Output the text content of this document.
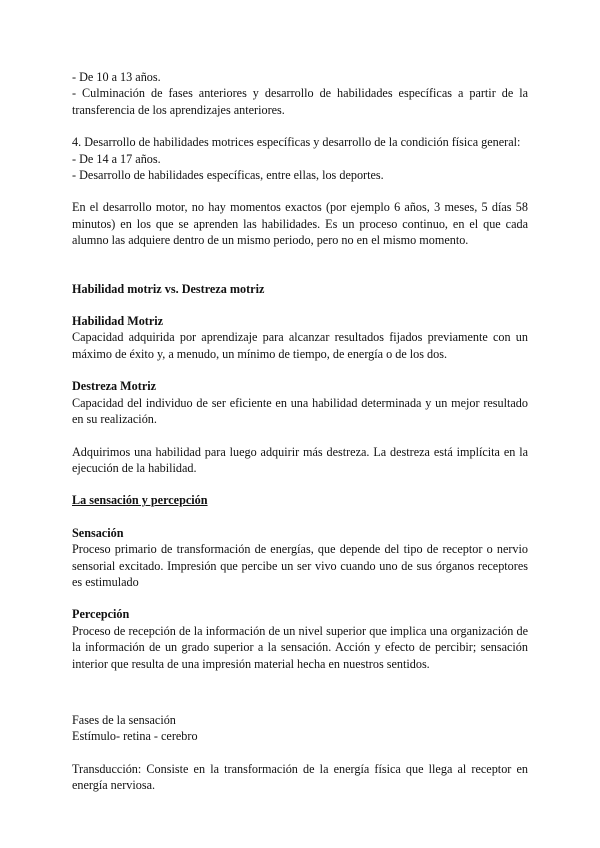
- De 10 a 13 años.

- Culminación de fases anteriores y desarrollo de habilidades específicas a partir de la transferencia de los aprendizajes anteriores.

4. Desarrollo de habilidades motrices específicas y desarrollo de la condición física general:

- De 14 a 17 años.

- Desarrollo de habilidades específicas, entre ellas, los deportes.

En el desarrollo motor, no hay momentos exactos (por ejemplo 6 años, 3 meses, 5 días 58 minutos) en los que se aprenden las habilidades. Es un proceso continuo, en el que cada alumno las adquiere dentro de un mismo periodo, pero no en el mismo momento.

Habilidad motriz vs. Destreza motriz

Habilidad Motriz

Capacidad adquirida por aprendizaje para alcanzar resultados fijados previamente con un máximo de éxito y, a menudo, un mínimo de tiempo, de energía o de los dos.

Destreza Motriz

Capacidad del individuo de ser eficiente en una habilidad determinada y un mejor resultado en su realización.

Adquirimos una habilidad para luego adquirir más destreza. La destreza está implícita en la ejecución de la habilidad.

La sensación y percepción

Sensación

Proceso primario de transformación de energías, que depende del tipo de receptor o nervio sensorial excitado. Impresión que percibe un ser vivo cuando uno de sus órganos receptores es estimulado

Percepción

Proceso de recepción de la información de un nivel superior que implica una organización de la información de un grado superior a la sensación. Acción y efecto de percibir; sensación interior que resulta de una impresión material hecha en nuestros sentidos.

Fases de la sensación

Estímulo- retina - cerebro

Transducción: Consiste en la transformación de la energía física que llega al receptor en energía nerviosa.
